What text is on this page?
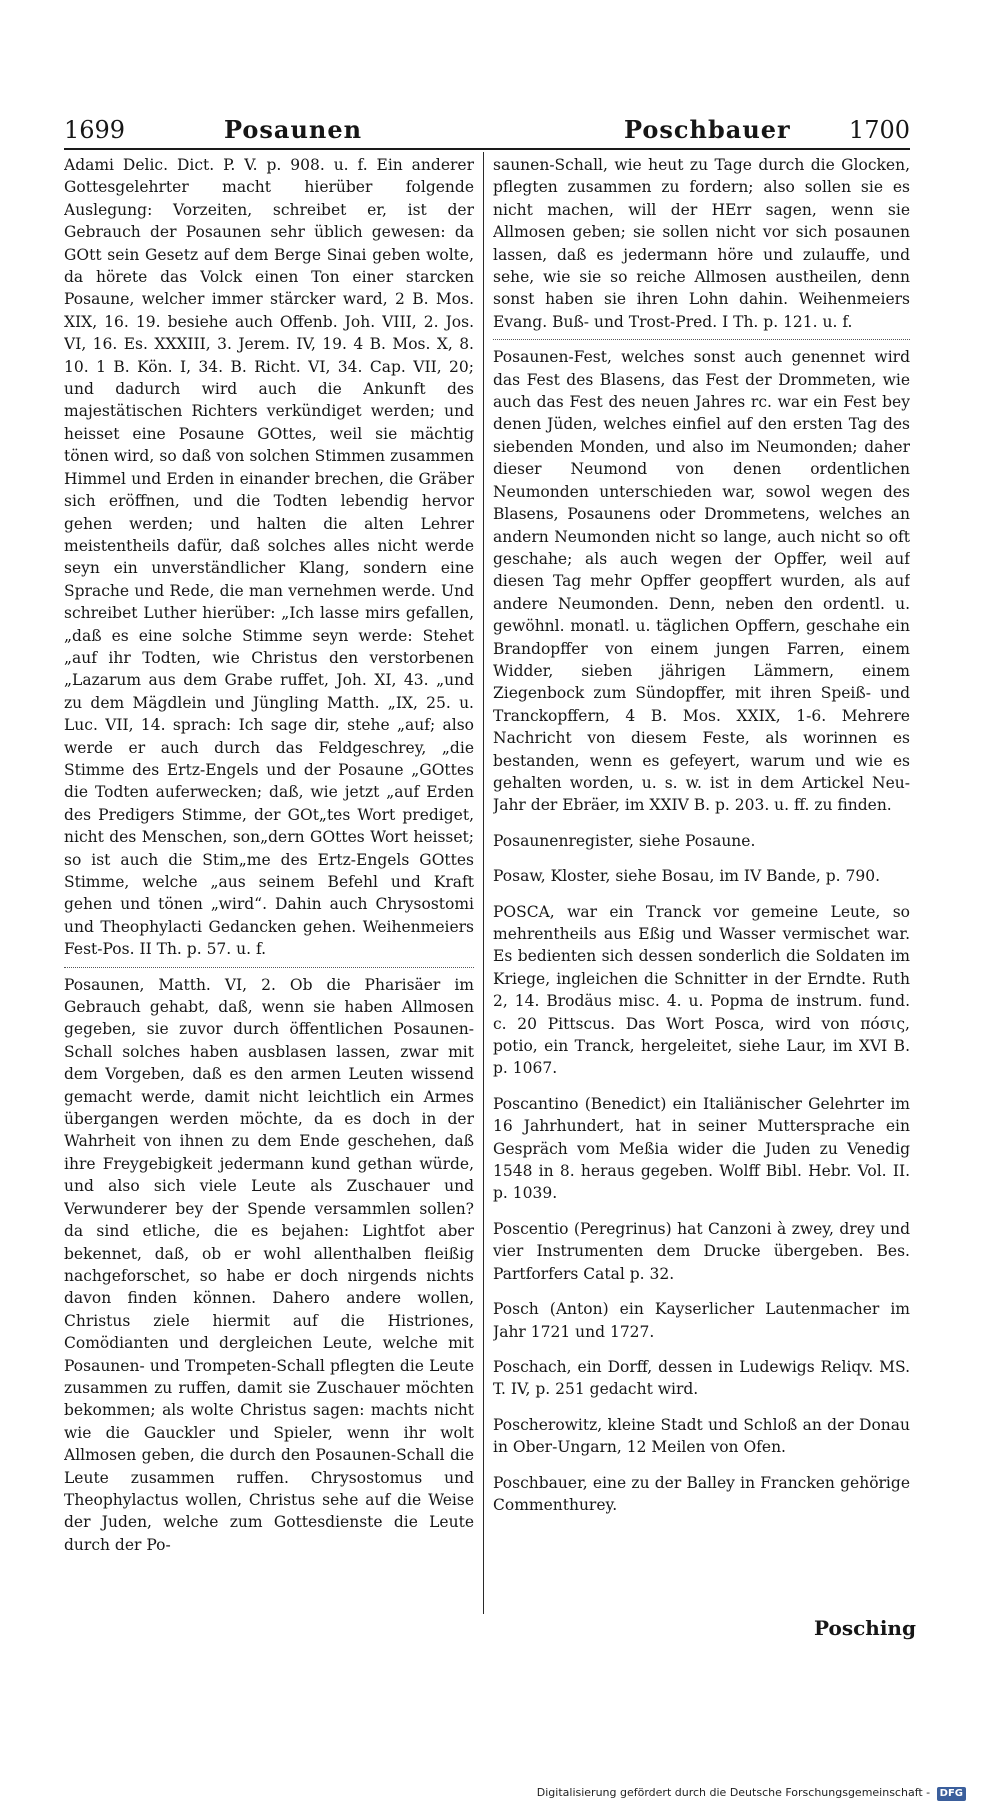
1699	Posaunen	Poschbauer 1700

Adami Delic. Dict. P. V. p. 908. u. f. Ein anderer Gottesgelehrter macht hierüber folgende Auslegung: Vorzeiten, schreibet er, ist der Gebrauch der Posaunen sehr üblich gewesen: da GOtt sein Gesetz auf dem Berge Sinai geben wolte, da hörete das Volck einen Ton einer starcken Posaune, welcher immer stärcker ward, 2 B. Mos. XIX, 16. 19. besiehe auch Offenb. Joh. VIII, 2. Jos. VI, 16. Es. XXXIII, 3. Jerem. IV, 19. 4 B. Mos. X, 8. 10. 1 B. Kön. I, 34. B. Richt. VI, 34. Cap. VII, 20; und dadurch wird auch die Ankunft des majestätischen Richters verkündiget werden; und heisset eine Posaune GOttes, weil sie mächtig tönen wird, so daß von solchen Stimmen zusammen Himmel und Erden in einander brechen, die Gräber sich eröffnen, und die Todten lebendig hervor gehen werden; und halten die alten Lehrer meistentheils dafür, daß solches alles nicht werde seyn ein unverständlicher Klang, sondern eine Sprache und Rede, die man vernehmen werde. Und schreibet Luther hierüber: „Ich lasse mirs gefallen, „daß es eine solche Stimme seyn werde: Stehet „auf ihr Todten, wie Christus den verstorbenen „Lazarum aus dem Grabe ruffet, Joh. XI, 43. „und zu dem Mägdlein und Jüngling Matth. „IX, 25. u. Luc. VII, 14. sprach: Ich sage dir, stehe „auf; also werde er auch durch das Feldgeschrey, „die Stimme des Ertz-Engels und der Posaune „GOttes die Todten auferwecken; daß, wie jetzt „auf Erden des Predigers Stimme, der GOt„tes Wort prediget, nicht des Menschen, son„dern GOttes Wort heisset; so ist auch die Stim„me des Ertz-Engels GOttes Stimme, welche „aus seinem Befehl und Kraft gehen und tönen „wird“. Dahin auch Chrysostomi und Theophylacti Gedancken gehen. Weihenmeiers Fest-Pos. II Th. p. 57. u. f.

Posaunen, Matth. VI, 2. Ob die Pharisäer im Gebrauch gehabt, daß, wenn sie haben Allmosen gegeben, sie zuvor durch öffentlichen Posaunen-Schall solches haben ausblasen lassen, zwar mit dem Vorgeben, daß es den armen Leuten wissend gemacht werde, damit nicht leichtlich ein Armes übergangen werden möchte, da es doch in der Wahrheit von ihnen zu dem Ende geschehen, daß ihre Freygebigkeit jedermann kund gethan würde, und also sich viele Leute als Zuschauer und Verwunderer bey der Spende versammlen sollen? da sind etliche, die es bejahen: Lightfot aber bekennet, daß, ob er wohl allenthalben fleißig nachgeforschet, so habe er doch nirgends nichts davon finden können. Dahero andere wollen, Christus ziele hiermit auf die Histriones, Comödianten und dergleichen Leute, welche mit Posaunen- und Trompeten-Schall pflegten die Leute zusammen zu ruffen, damit sie Zuschauer möchten bekommen; als wolte Christus sagen: machts nicht wie die Gauckler und Spieler, wenn ihr wolt Allmosen geben, die durch den Posaunen-Schall die Leute zusammen ruffen. Chrysostomus und Theophylactus wollen, Christus sehe auf die Weise der Juden, welche zum Gottesdienste die Leute durch der Po-

saunen-Schall, wie heut zu Tage durch die Glocken, pflegten zusammen zu fordern; also sollen sie es nicht machen, will der HErr sagen, wenn sie Allmosen geben; sie sollen nicht vor sich posaunen lassen, daß es jedermann höre und zulauffe, und sehe, wie sie so reiche Allmosen austheilen, denn sonst haben sie ihren Lohn dahin. Weihenmeiers Evang. Buß- und Trost-Pred. I Th. p. 121. u. f.

Posaunen-Fest, welches sonst auch genennet wird das Fest des Blasens, das Fest der Drommeten, wie auch das Fest des neuen Jahres rc. war ein Fest bey denen Jüden, welches einfiel auf den ersten Tag des siebenden Monden, und also im Neumonden; daher dieser Neumond von denen ordentlichen Neumonden unterschieden war, sowol wegen des Blasens, Posaunens oder Drommetens, welches an andern Neumonden nicht so lange, auch nicht so oft geschahe; als auch wegen der Opffer, weil auf diesen Tag mehr Opffer geopffert wurden, als auf andere Neumonden. Denn, neben den ordentl. u. gewöhnl. monatl. u. täglichen Opffern, geschahe ein Brandopffer von einem jungen Farren, einem Widder, sieben jährigen Lämmern, einem Ziegenbock zum Sündopffer, mit ihren Speiß- und Tranckopffern, 4 B. Mos. XXIX, 1-6. Mehrere Nachricht von diesem Feste, als worinnen es bestanden, wenn es gefeyert, warum und wie es gehalten worden, u. s. w. ist in dem Artickel Neu-Jahr der Ebräer, im XXIV B. p. 203. u. ff. zu finden.

Posaunenregister, siehe Posaune.

Posaw, Kloster, siehe Bosau, im IV Bande, p. 790.

POSCA, war ein Tranck vor gemeine Leute, so mehrentheils aus Eßig und Wasser vermischet war. Es bedienten sich dessen sonderlich die Soldaten im Kriege, ingleichen die Schnitter in der Erndte. Ruth 2, 14. Brodäus misc. 4. u. Popma de instrum. fund. c. 20 Pittscus. Das Wort Posca, wird von πόσις, potio, ein Tranck, hergeleitet, siehe Laur, im XVI B. p. 1067.

Poscantino (Benedict) ein Italiänischer Gelehrter im 16 Jahrhundert, hat in seiner Muttersprache ein Gespräch vom Meßia wider die Juden zu Venedig 1548 in 8. heraus gegeben. Wolff Bibl. Hebr. Vol. II. p. 1039.

Poscentio (Peregrinus) hat Canzoni à zwey, drey und vier Instrumenten dem Drucke übergeben. Bes. Partforfers Catal p. 32.

Posch (Anton) ein Kayserlicher Lautenmacher im Jahr 1721 und 1727.

Poschach, ein Dorff, dessen in Ludewigs Reliqv. MS. T. IV, p. 251 gedacht wird.

Poscherowitz, kleine Stadt und Schloß an der Donau in Ober-Ungarn, 12 Meilen von Ofen.

Poschbauer, eine zu der Balley in Francken gehörige Commenthurey.

Posching
Digitalisierung gefördert durch die Deutsche Forschungsgemeinschaft - DFG
